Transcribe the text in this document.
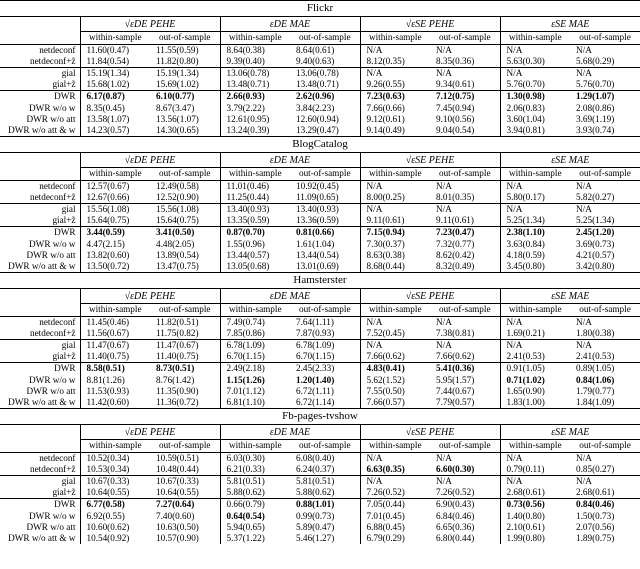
Flickr
	√εDE PEHE		εDE MAE		√εSE PEHE		εSE MAE	
	within-sample	out-of-sample	within-sample	out-of-sample	within-sample	out-of-sample	within-sample	out-of-sample
netdeconf	11.60(0.47)	11.55(0.59)	8.64(0.38)	8.64(0.61)	N/A	N/A	N/A	N/A
netdeconf+z̃	11.84(0.54)	11.82(0.80)	9.39(0.40)	9.40(0.63)	8.12(0.35)	8.35(0.36)	5.63(0.30)	5.68(0.29)
gial	15.19(1.34)	15.19(1.34)	13.06(0.78)	13.06(0.78)	N/A	N/A	N/A	N/A
gial+z̃	15.68(1.02)	15.69(1.02)	13.48(0.71)	13.48(0.71)	9.26(0.55)	9.34(0.61)	5.76(0.70)	5.76(0.70)
DWR	6.17(0.87)	6.10(0.77)	2.66(0.93)	2.62(0.96)	7.23(0.63)	7.12(0.75)	1.30(0.98)	1.29(1.07)
DWR w/o w	8.35(0.45)	8.67(3.47)	3.79(2.22)	3.84(2.23)	7.66(0.66)	7.45(0.94)	2.06(0.83)	2.08(0.86)
DWR w/o att	13.58(1.07)	13.56(1.07)	12.61(0.95)	12.60(0.94)	9.12(0.61)	9.10(0.56)	3.60(1.04)	3.69(1.19)
DWR w/o att & w	14.23(0.57)	14.30(0.65)	13.24(0.39)	13.29(0.47)	9.14(0.49)	9.04(0.54)	3.94(0.81)	3.93(0.74)
BlogCatalog
	√εDE PEHE		εDE MAE		√εSE PEHE		εSE MAE	
	within-sample	out-of-sample	within-sample	out-of-sample	within-sample	out-of-sample	within-sample	out-of-sample
netdeconf	12.57(0.67)	12.49(0.58)	11.01(0.46)	10.92(0.45)	N/A	N/A	N/A	N/A
netdeconf+z̃	12.67(0.66)	12.52(0.90)	11.25(0.44)	11.09(0.65)	8.00(0.25)	8.01(0.35)	5.80(0.17)	5.82(0.27)
gial	15.56(1.08)	15.56(1.08)	13.40(0.93)	13.40(0.93)	N/A	N/A	N/A	N/A
gial+z̃	15.64(0.75)	15.64(0.75)	13.35(0.59)	13.36(0.59)	9.11(0.61)	9.11(0.61)	5.25(1.34)	5.25(1.34)
DWR	3.44(0.59)	3.41(0.50)	0.87(0.70)	0.81(0.66)	7.15(0.94)	7.23(0.47)	2.38(1.10)	2.45(1.20)
DWR w/o w	4.47(2.15)	4.48(2.05)	1.55(0.96)	1.61(1.04)	7.30(0.37)	7.32(0.77)	3.63(0.84)	3.69(0.73)
DWR w/o att	13.82(0.60)	13.89(0.54)	13.44(0.57)	13.44(0.54)	8.63(0.38)	8.62(0.42)	4.18(0.59)	4.21(0.57)
DWR w/o att & w	13.50(0.72)	13.47(0.75)	13.05(0.68)	13.01(0.69)	8.68(0.44)	8.32(0.49)	3.45(0.80)	3.42(0.80)
Hamsterster
	√εDE PEHE		εDE MAE		√εSE PEHE		εSE MAE	
	within-sample	out-of-sample	within-sample	out-of-sample	within-sample	out-of-sample	within-sample	out-of-sample
netdeconf	11.45(0.46)	11.82(0.51)	7.49(0.74)	7.64(1.11)	N/A	N/A	N/A	N/A
netdeconf+z̃	11.56(0.67)	11.75(0.82)	7.85(0.86)	7.87(0.93)	7.52(0.45)	7.38(0.81)	1.69(0.21)	1.80(0.38)
gial	11.47(0.67)	11.47(0.67)	6.78(1.09)	6.78(1.09)	N/A	N/A	N/A	N/A
gial+z̃	11.40(0.75)	11.40(0.75)	6.70(1.15)	6.70(1.15)	7.66(0.62)	7.66(0.62)	2.41(0.53)	2.41(0.53)
DWR	8.58(0.51)	8.73(0.51)	2.49(2.18)	2.45(2.33)	4.83(0.41)	5.41(0.36)	0.91(1.05)	0.89(1.05)
DWR w/o w	8.81(1.26)	8.76(1.42)	1.15(1.26)	1.20(1.40)	5.62(1.52)	5.95(1.57)	0.71(1.02)	0.84(1.06)
DWR w/o att	11.53(0.93)	11.35(0.90)	7.01(1.12)	6.72(1.11)	7.55(0.50)	7.44(0.67)	1.65(0.90)	1.79(0.77)
DWR w/o att & w	11.42(0.60)	11.36(0.72)	6.81(1.10)	6.72(1.14)	7.66(0.57)	7.79(0.57)	1.83(1.00)	1.84(1.09)
Fb-pages-tvshow
	√εDE PEHE		εDE MAE		√εSE PEHE		εSE MAE	
	within-sample	out-of-sample	within-sample	out-of-sample	within-sample	out-of-sample	within-sample	out-of-sample
netdeconf	10.52(0.34)	10.59(0.51)	6.03(0.30)	6.08(0.40)	N/A	N/A	N/A	N/A
netdeconf+z̃	10.53(0.34)	10.48(0.44)	6.21(0.33)	6.24(0.37)	6.63(0.35)	6.60(0.30)	0.79(0.11)	0.85(0.27)
gial	10.67(0.33)	10.67(0.33)	5.81(0.51)	5.81(0.51)	N/A	N/A	N/A	N/A
gial+z̃	10.64(0.55)	10.64(0.55)	5.88(0.62)	5.88(0.62)	7.26(0.52)	7.26(0.52)	2.68(0.61)	2.68(0.61)
DWR	6.77(0.58)	7.27(0.64)	0.66(0.79)	0.88(1.01)	7.05(0.44)	6.90(0.43)	0.73(0.56)	0.84(0.46)
DWR w/o w	6.92(0.55)	7.40(0.60)	0.64(0.54)	0.99(0.73)	7.01(0.45)	6.84(0.46)	1.40(0.80)	1.50(0.73)
DWR w/o att	10.60(0.62)	10.63(0.50)	5.94(0.65)	5.89(0.47)	6.88(0.45)	6.65(0.36)	2.10(0.61)	2.07(0.56)
DWR w/o att & w	10.54(0.92)	10.57(0.90)	5.37(1.22)	5.46(1.27)	6.79(0.29)	6.80(0.44)	1.99(0.80)	1.89(0.75)
